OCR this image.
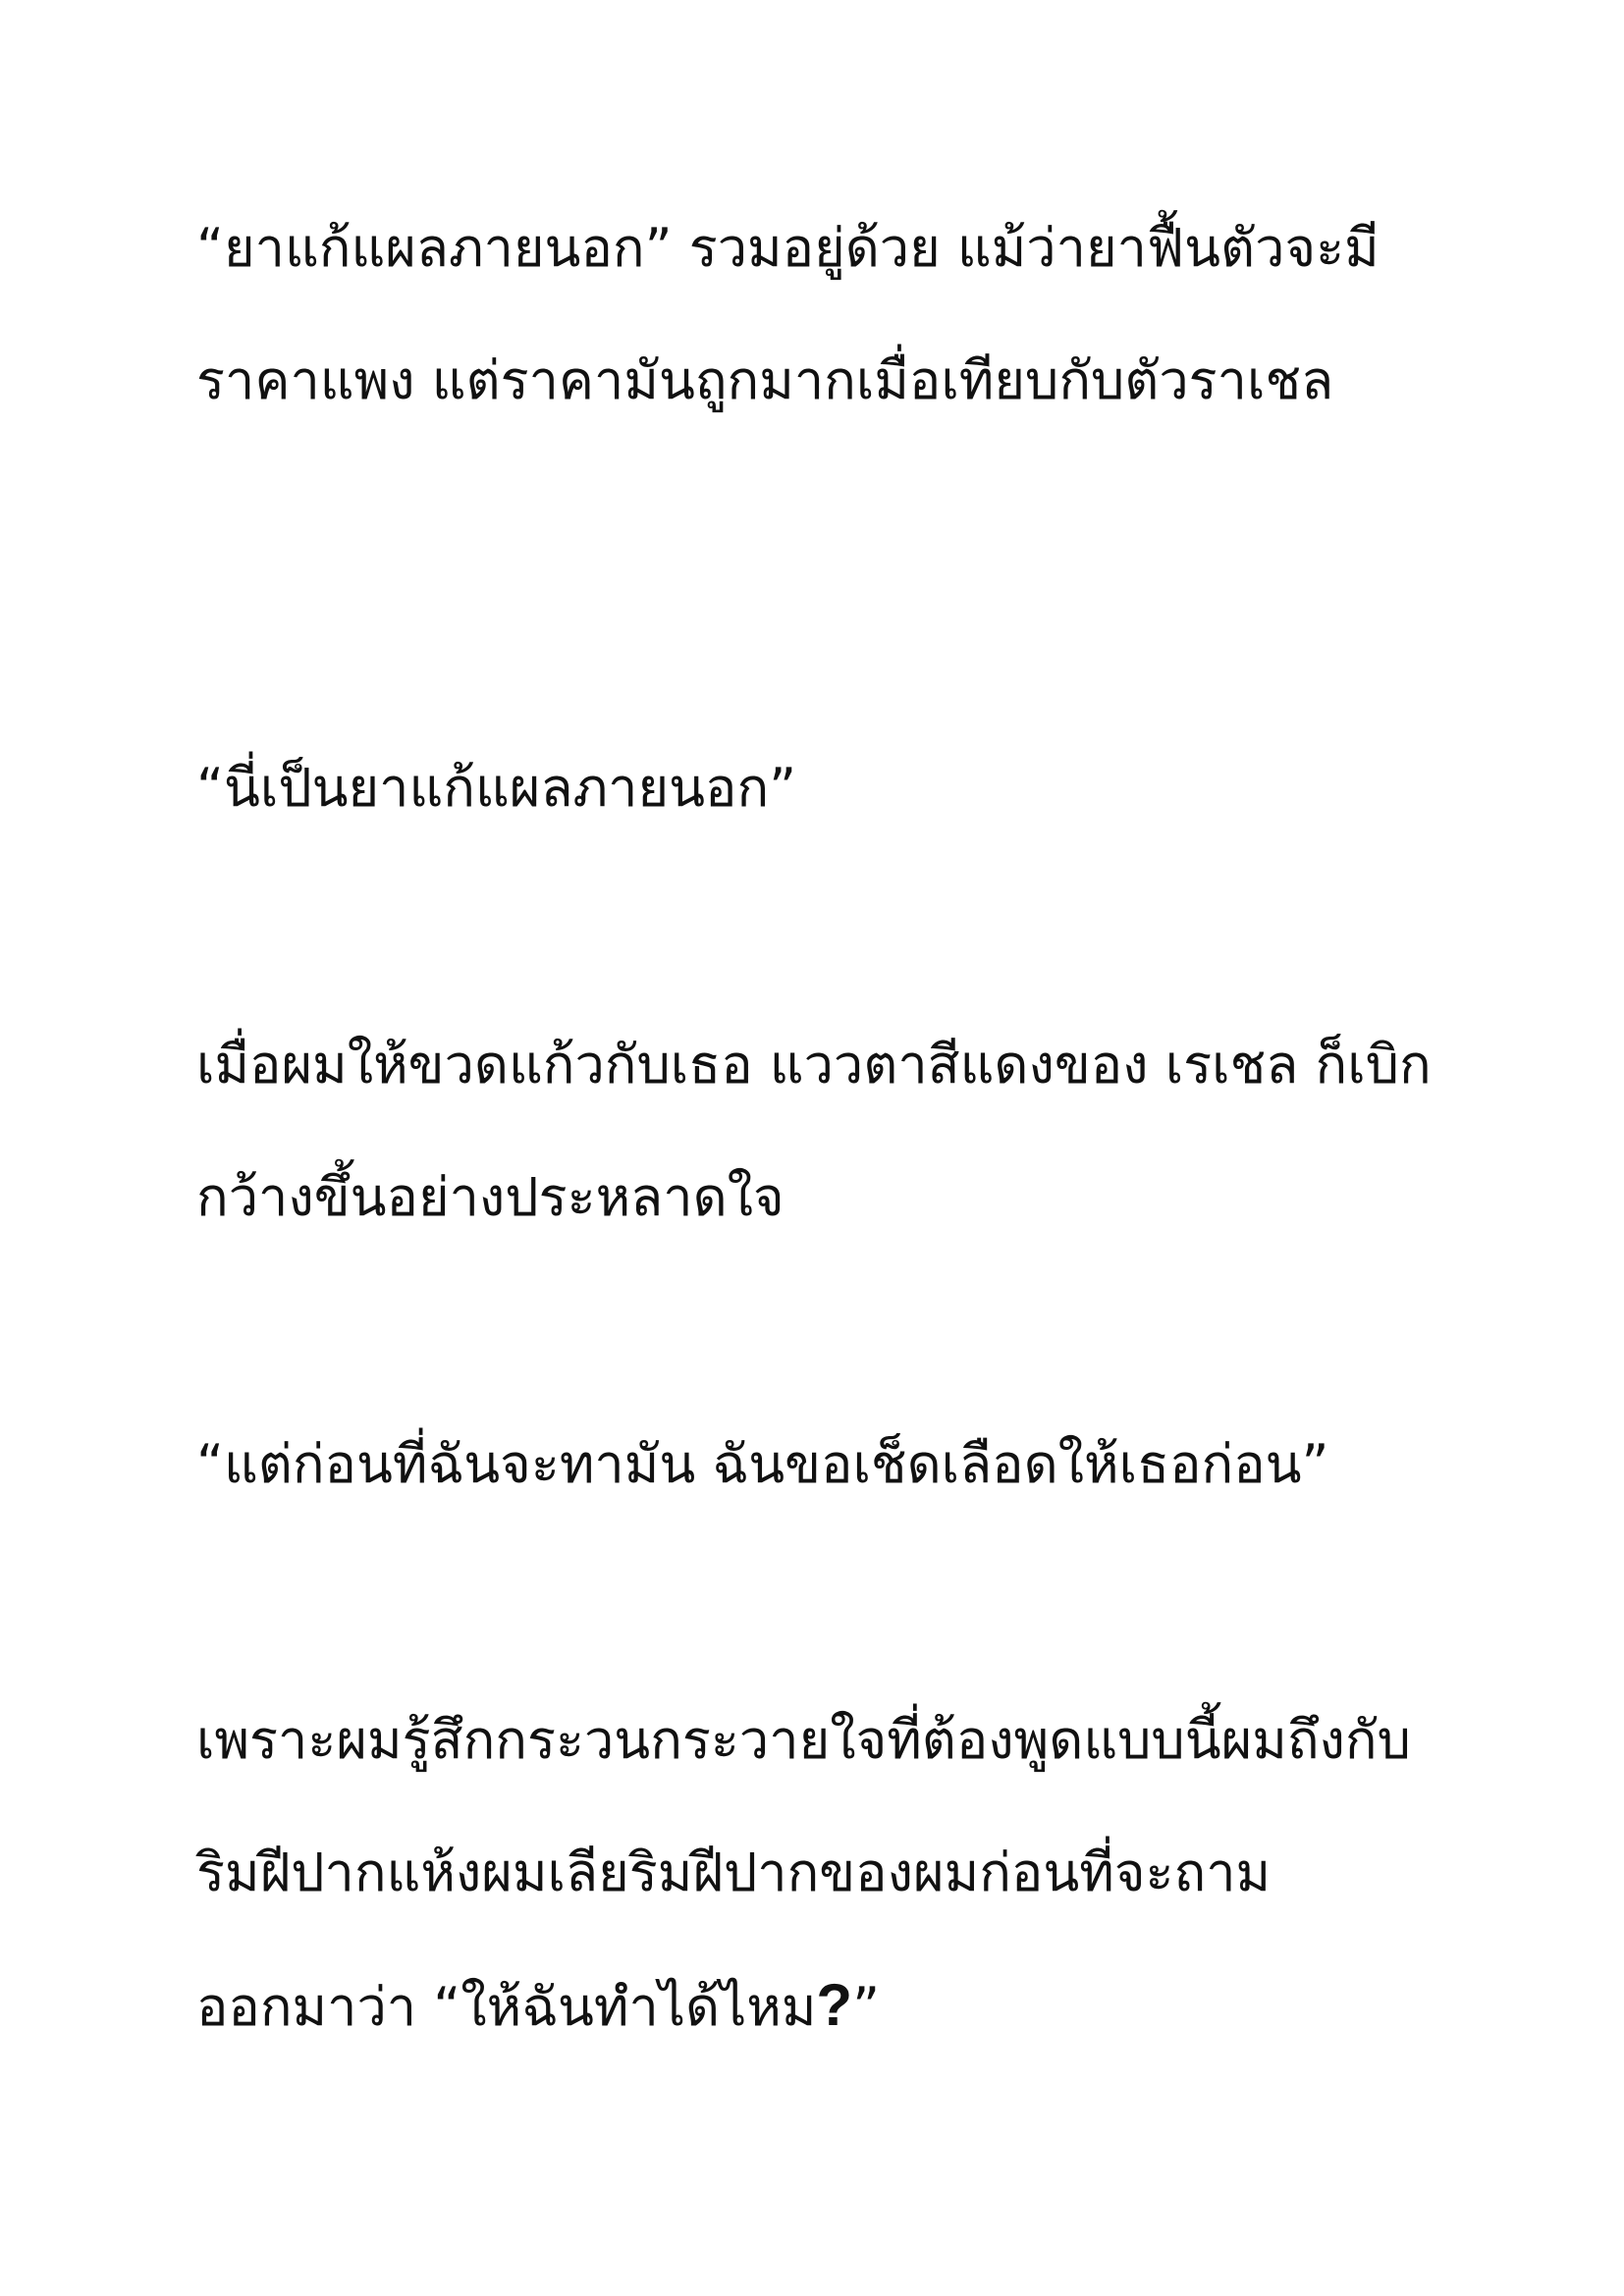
“ยาแก้แผลภายนอก” รวมอยู่ด้วย แม้ว่ายาฟื้นตัวจะมี

ราคาแพง แต่ราคามันถูกมากเมื่อเทียบกับตัวราเชล

“นี่เป็นยาแก้แผลภายนอก”

เมื่อผมให้ขวดแก้วกับเธอ แววตาสีแดงของ เรเชล ก็เบิก

กว้างขึ้นอย่างประหลาดใจ

“แต่ก่อนที่ฉันจะทามัน ฉันขอเช็ดเลือดให้เธอก่อน”

เพราะผมรู้สึกกระวนกระวายใจที่ต้องพูดแบบนี้ผมถึงกับ

ริมฝีปากแห้งผมเลียริมฝีปากของผมก่อนที่จะถาม

ออกมาว่า “ให้ฉันทำได้ไหม?”
